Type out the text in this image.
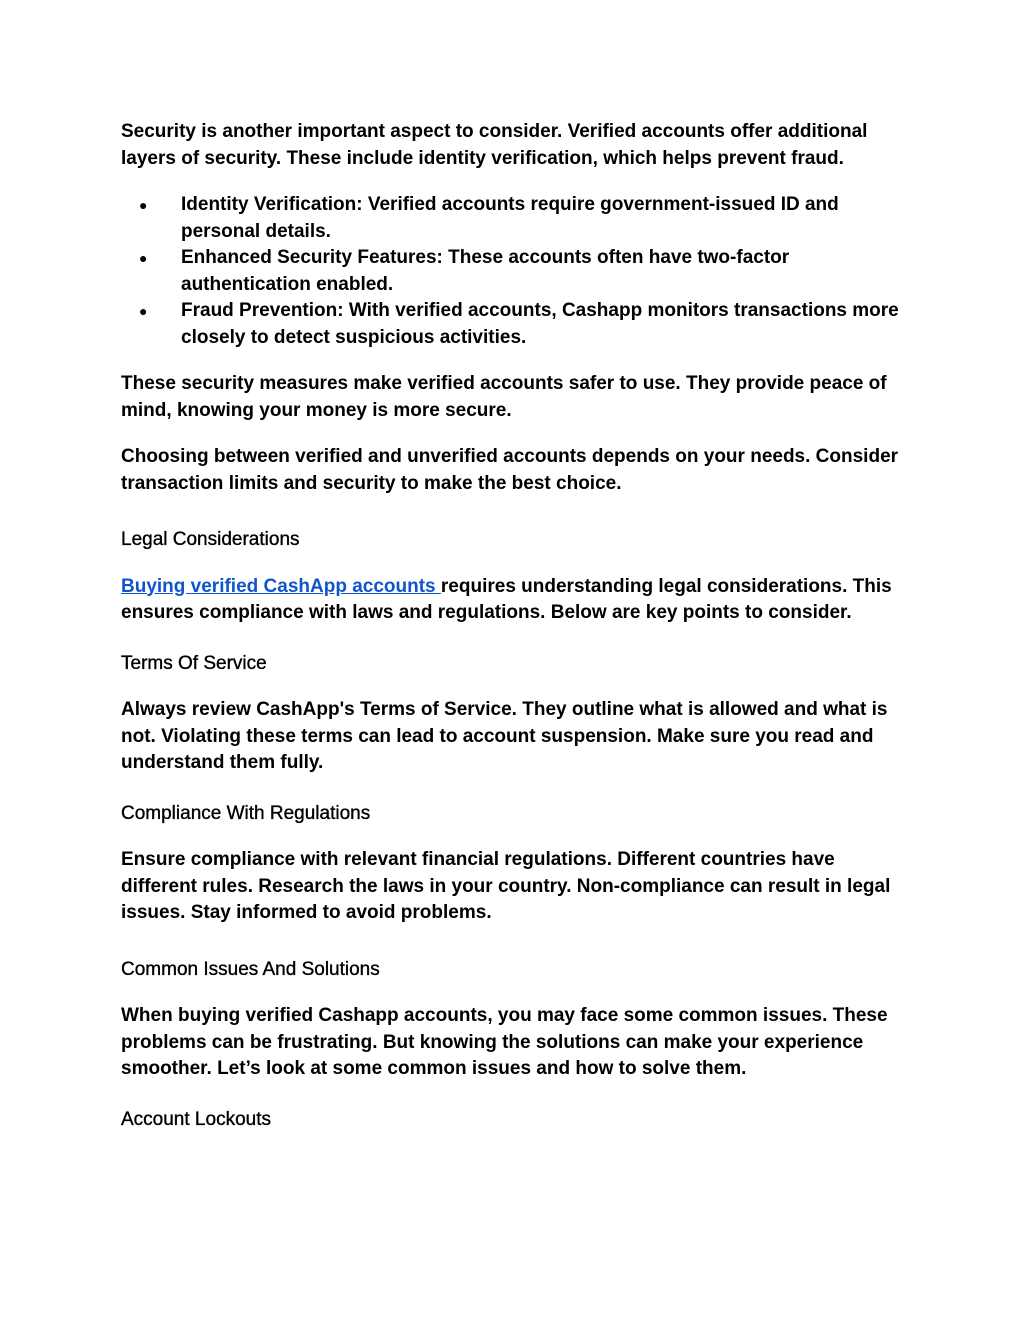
Security is another important aspect to consider. Verified accounts offer additional layers of security. These include identity verification, which helps prevent fraud.

● Identity Verification: Verified accounts require government-issued ID and personal details.
● Enhanced Security Features: These accounts often have two-factor authentication enabled.
● Fraud Prevention: With verified accounts, Cashapp monitors transactions more closely to detect suspicious activities.

These security measures make verified accounts safer to use. They provide peace of mind, knowing your money is more secure.

Choosing between verified and unverified accounts depends on your needs. Consider transaction limits and security to make the best choice.

Legal Considerations

Buying verified CashApp accounts requires understanding legal considerations. This ensures compliance with laws and regulations. Below are key points to consider.

Terms Of Service

Always review CashApp's Terms of Service. They outline what is allowed and what is not. Violating these terms can lead to account suspension. Make sure you read and understand them fully.

Compliance With Regulations

Ensure compliance with relevant financial regulations. Different countries have different rules. Research the laws in your country. Non-compliance can result in legal issues. Stay informed to avoid problems.

Common Issues And Solutions

When buying verified Cashapp accounts, you may face some common issues. These problems can be frustrating. But knowing the solutions can make your experience smoother. Let’s look at some common issues and how to solve them.

Account Lockouts
